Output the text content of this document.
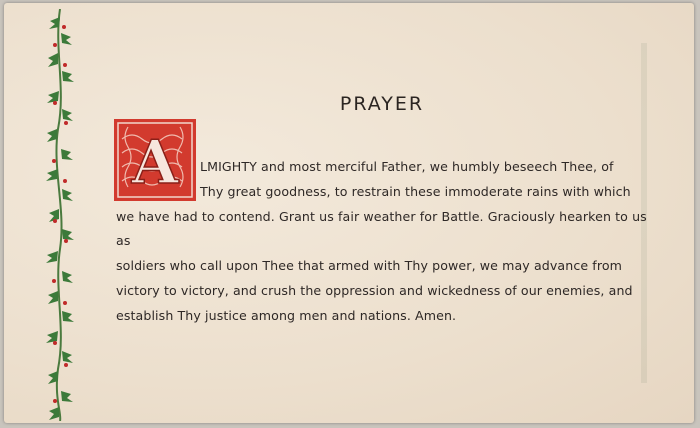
PRAYER
A	LMIGHTY and most merciful Father, we humbly beseech Thee, of
Thy great goodness, to restrain these immoderate rains with which
we have had to contend. Grant us fair weather for Battle. Graciously hearken to us as
soldiers who call upon Thee that armed with Thy power, we may advance from
victory to victory, and crush the oppression and wickedness of our enemies, and
establish Thy justice among men and nations. Amen.
